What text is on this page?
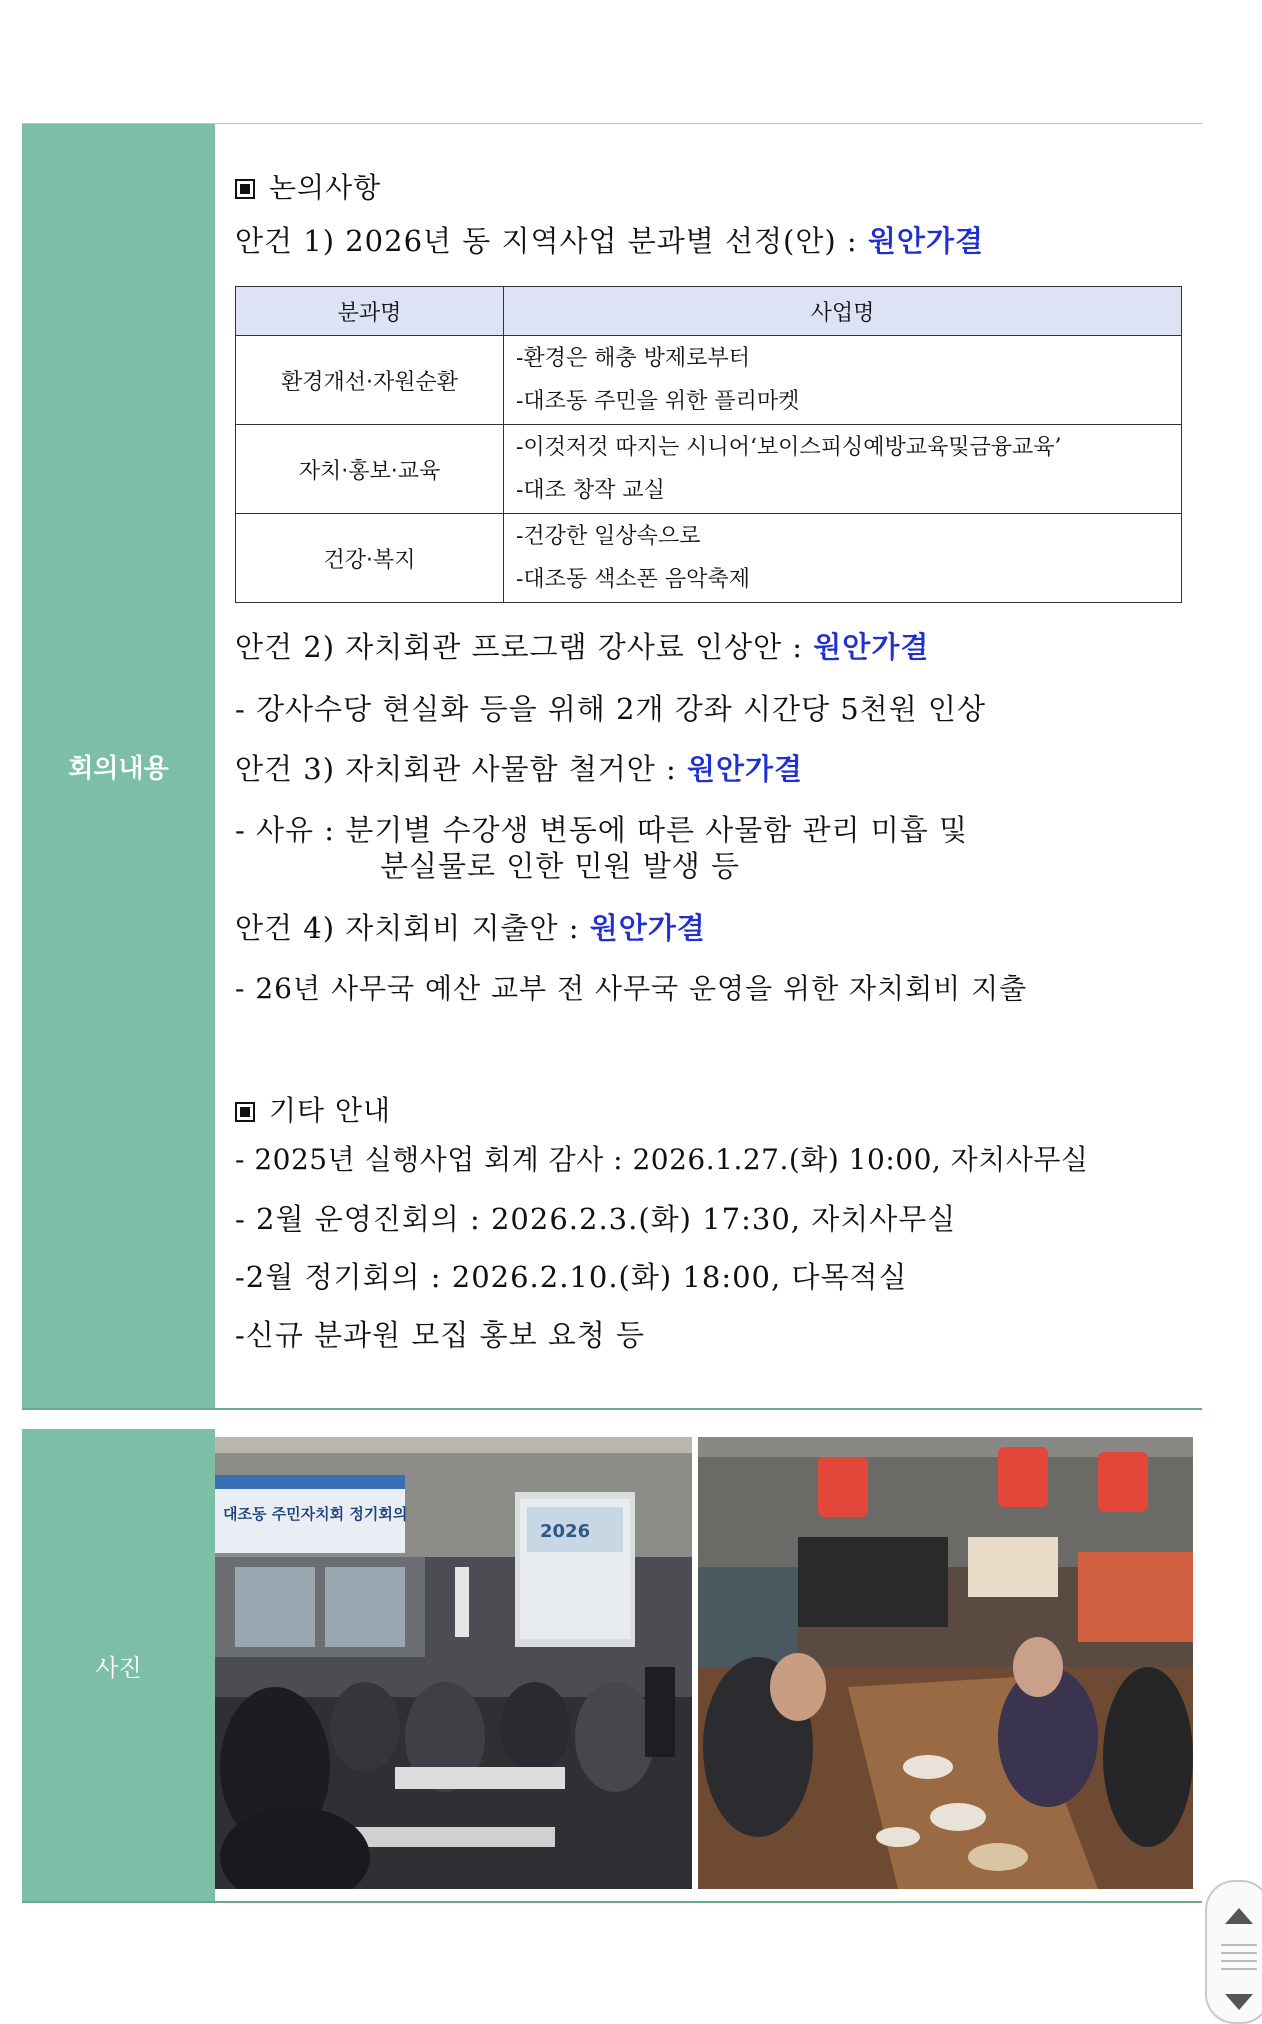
회의내용
논의사항
안건 1) 2026년 동 지역사업 분과별 선정(안) : 원안가결
분과명	사업명
환경개선·자원순환	-환경은 해충 방제로부터
-대조동 주민을 위한 플리마켓

자치·홍보·교육	-이것저것 따지는 시니어‘보이스피싱예방교육및금융교육’
-대조 창작 교실

건강·복지	-건강한 일상속으로
-대조동 색소폰 음악축제
안건 2) 자치회관 프로그램 강사료 인상안 : 원안가결
- 강사수당 현실화 등을 위해 2개 강좌 시간당 5천원 인상
안건 3) 자치회관 사물함 철거안 : 원안가결
- 사유 : 분기별 수강생 변동에 따른 사물함 관리 미흡 및
분실물로 인한 민원 발생 등
안건 4) 자치회비 지출안 : 원안가결
- 26년 사무국 예산 교부 전 사무국 운영을 위한 자치회비 지출
기타 안내
- 2025년 실행사업 회계 감사 : 2026.1.27.(화) 10:00, 자치사무실
- 2월 운영진회의 : 2026.2.3.(화) 17:30, 자치사무실
-2월 정기회의 : 2026.2.10.(화) 18:00, 다목적실
-신규 분과원 모집 홍보 요청 등
사진
2026
대조동 주민자치회 정기회의
